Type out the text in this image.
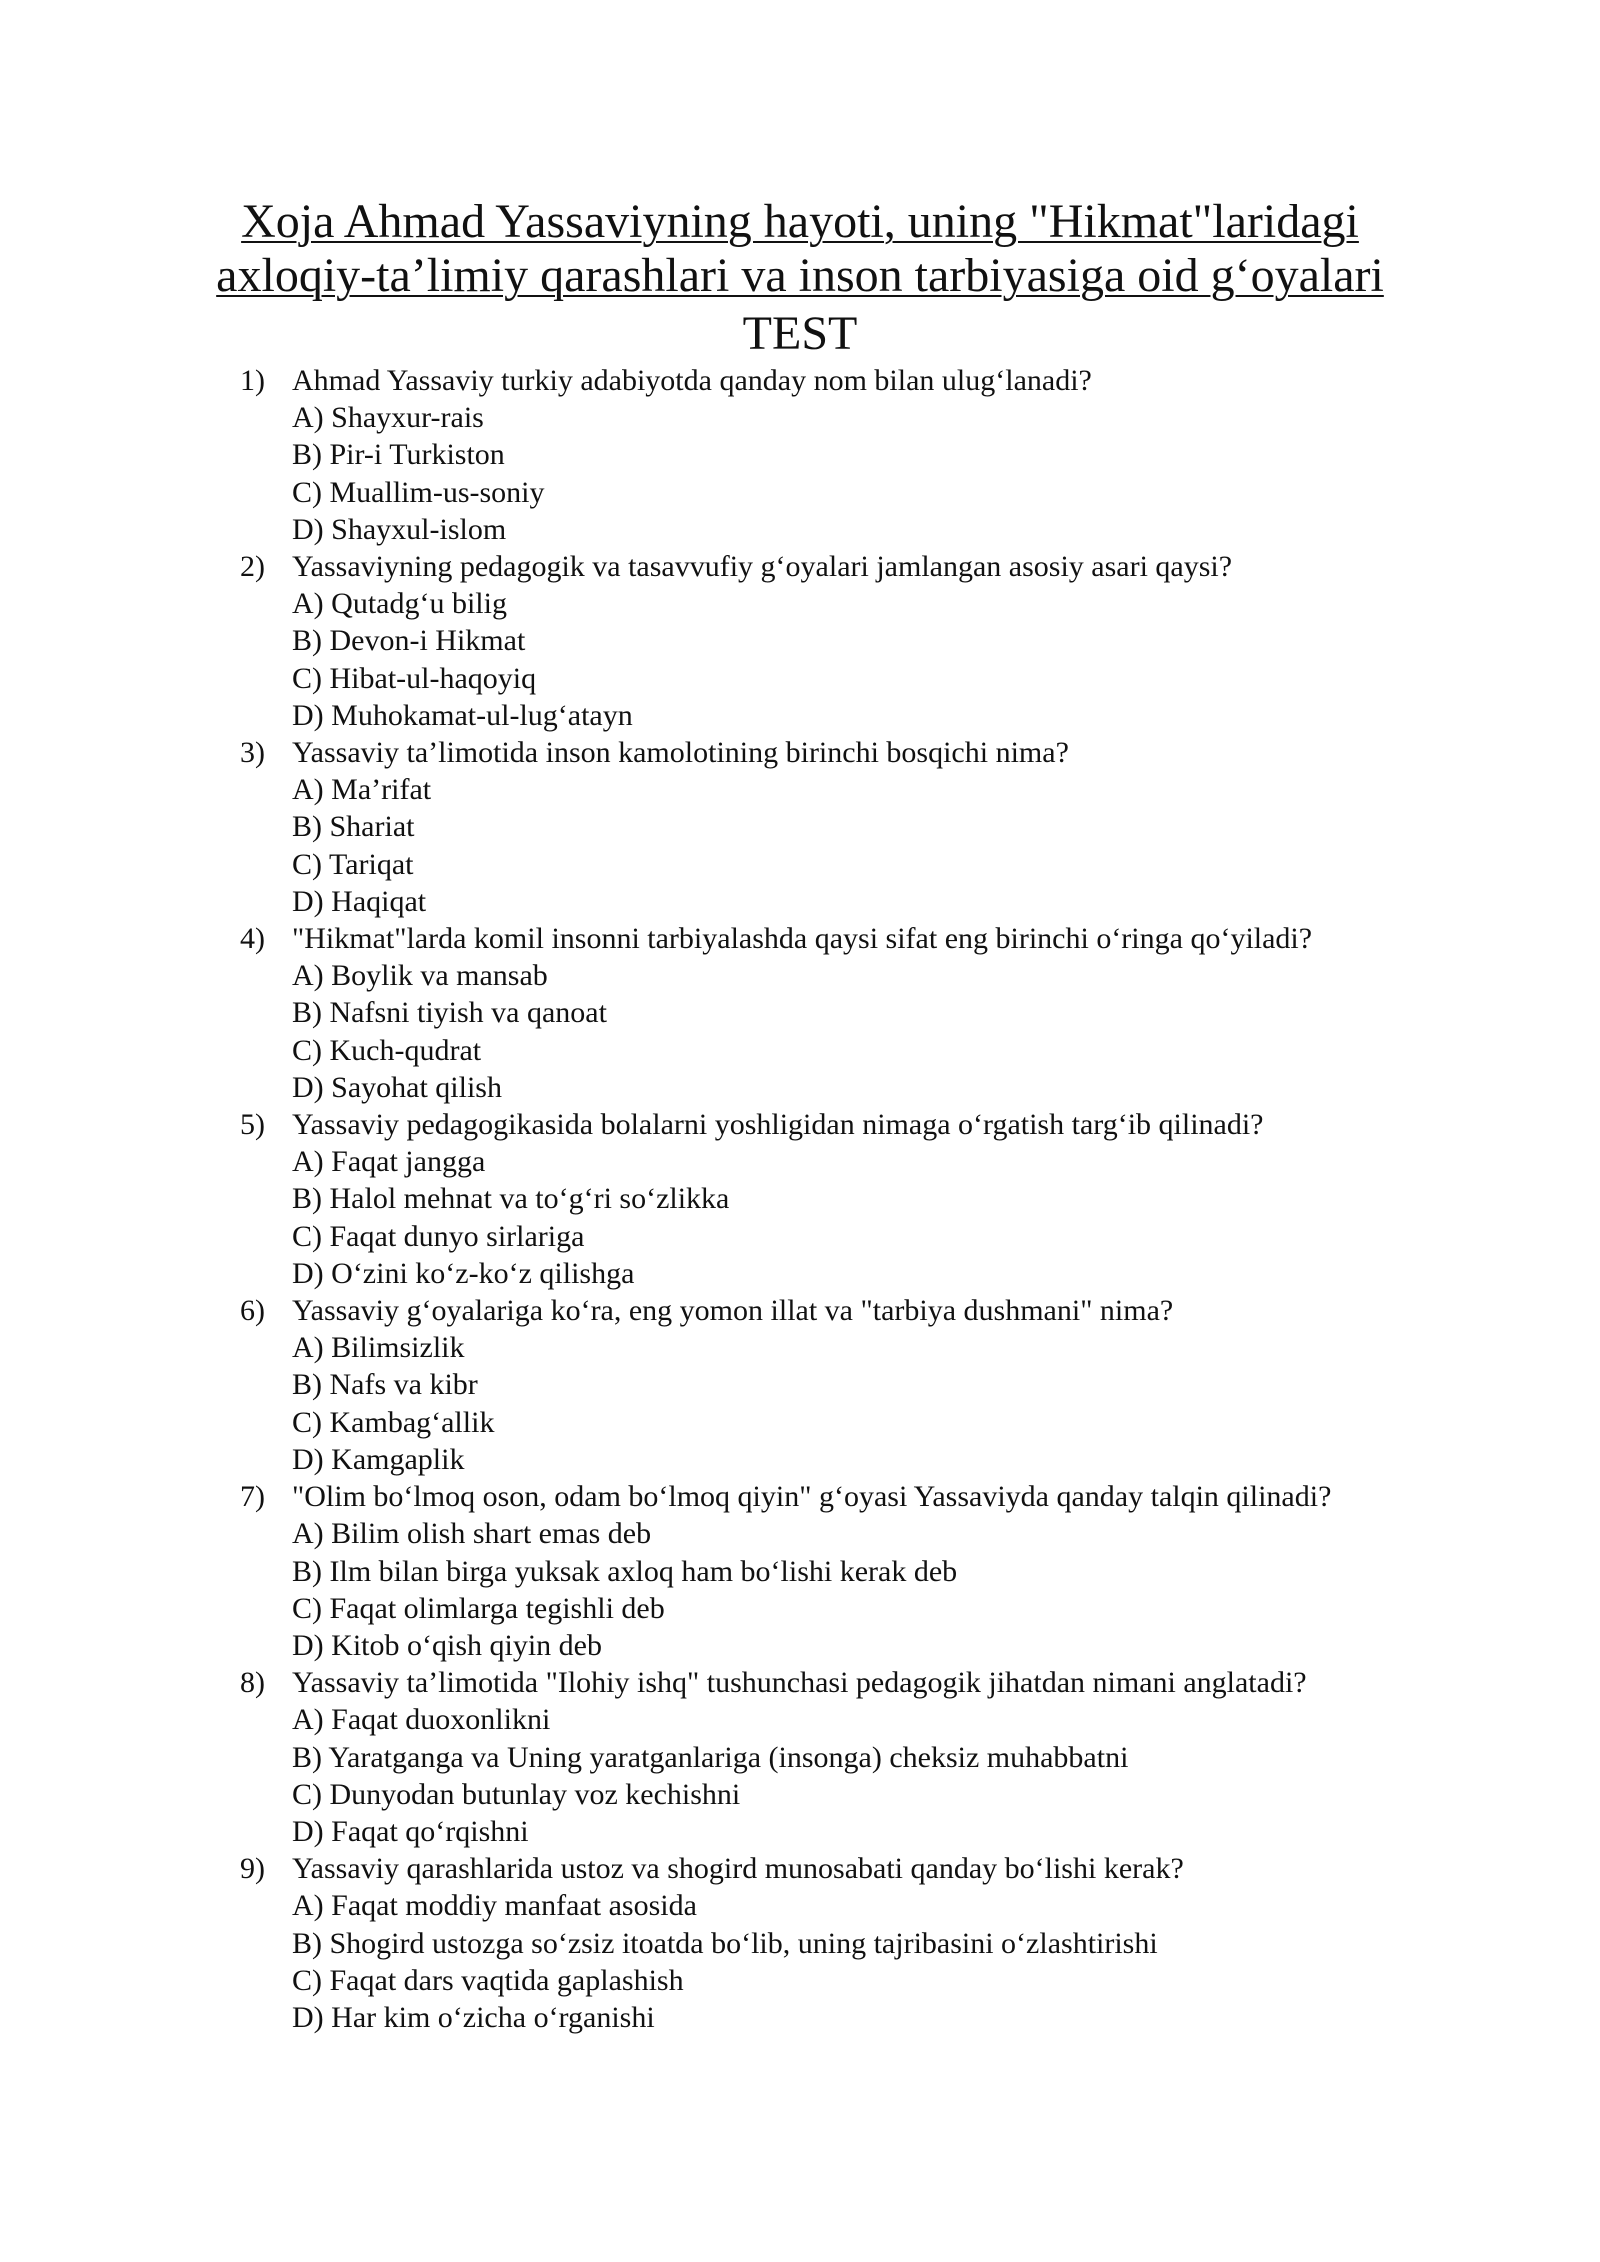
Xoja Ahmad Yassaviyning hayoti, uning "Hikmat"laridagi
axloqiy-ta’limiy qarashlari va inson tarbiyasiga oid g‘oyalari
TEST
1) Ahmad Yassaviy turkiy adabiyotda qanday nom bilan ulug‘lanadi?
A) Shayxur-rais
B) Pir-i Turkiston
C) Muallim-us-soniy
D) Shayxul-islom
2) Yassaviyning pedagogik va tasavvufiy g‘oyalari jamlangan asosiy asari qaysi?
A) Qutadg‘u bilig
B) Devon-i Hikmat
C) Hibat-ul-haqoyiq
D) Muhokamat-ul-lug‘atayn
3) Yassaviy ta’limotida inson kamolotining birinchi bosqichi nima?
A) Ma’rifat
B) Shariat
C) Tariqat
D) Haqiqat
4) "Hikmat"larda komil insonni tarbiyalashda qaysi sifat eng birinchi o‘ringa qo‘yiladi?
A) Boylik va mansab
B) Nafsni tiyish va qanoat
C) Kuch-qudrat
D) Sayohat qilish
5) Yassaviy pedagogikasida bolalarni yoshligidan nimaga o‘rgatish targ‘ib qilinadi?
A) Faqat jangga
B) Halol mehnat va to‘g‘ri so‘zlikka
C) Faqat dunyo sirlariga
D) O‘zini ko‘z-ko‘z qilishga
6) Yassaviy g‘oyalariga ko‘ra, eng yomon illat va "tarbiya dushmani" nima?
A) Bilimsizlik
B) Nafs va kibr
C) Kambag‘allik
D) Kamgaplik
7) "Olim bo‘lmoq oson, odam bo‘lmoq qiyin" g‘oyasi Yassaviyda qanday talqin qilinadi?
A) Bilim olish shart emas deb
B) Ilm bilan birga yuksak axloq ham bo‘lishi kerak deb
C) Faqat olimlarga tegishli deb
D) Kitob o‘qish qiyin deb
8) Yassaviy ta’limotida "Ilohiy ishq" tushunchasi pedagogik jihatdan nimani anglatadi?
A) Faqat duoxonlikni
B) Yaratganga va Uning yaratganlariga (insonga) cheksiz muhabbatni
C) Dunyodan butunlay voz kechishni
D) Faqat qo‘rqishni
9) Yassaviy qarashlarida ustoz va shogird munosabati qanday bo‘lishi kerak?
A) Faqat moddiy manfaat asosida
B) Shogird ustozga so‘zsiz itoatda bo‘lib, uning tajribasini o‘zlashtirishi
C) Faqat dars vaqtida gaplashish
D) Har kim o‘zicha o‘rganishi
